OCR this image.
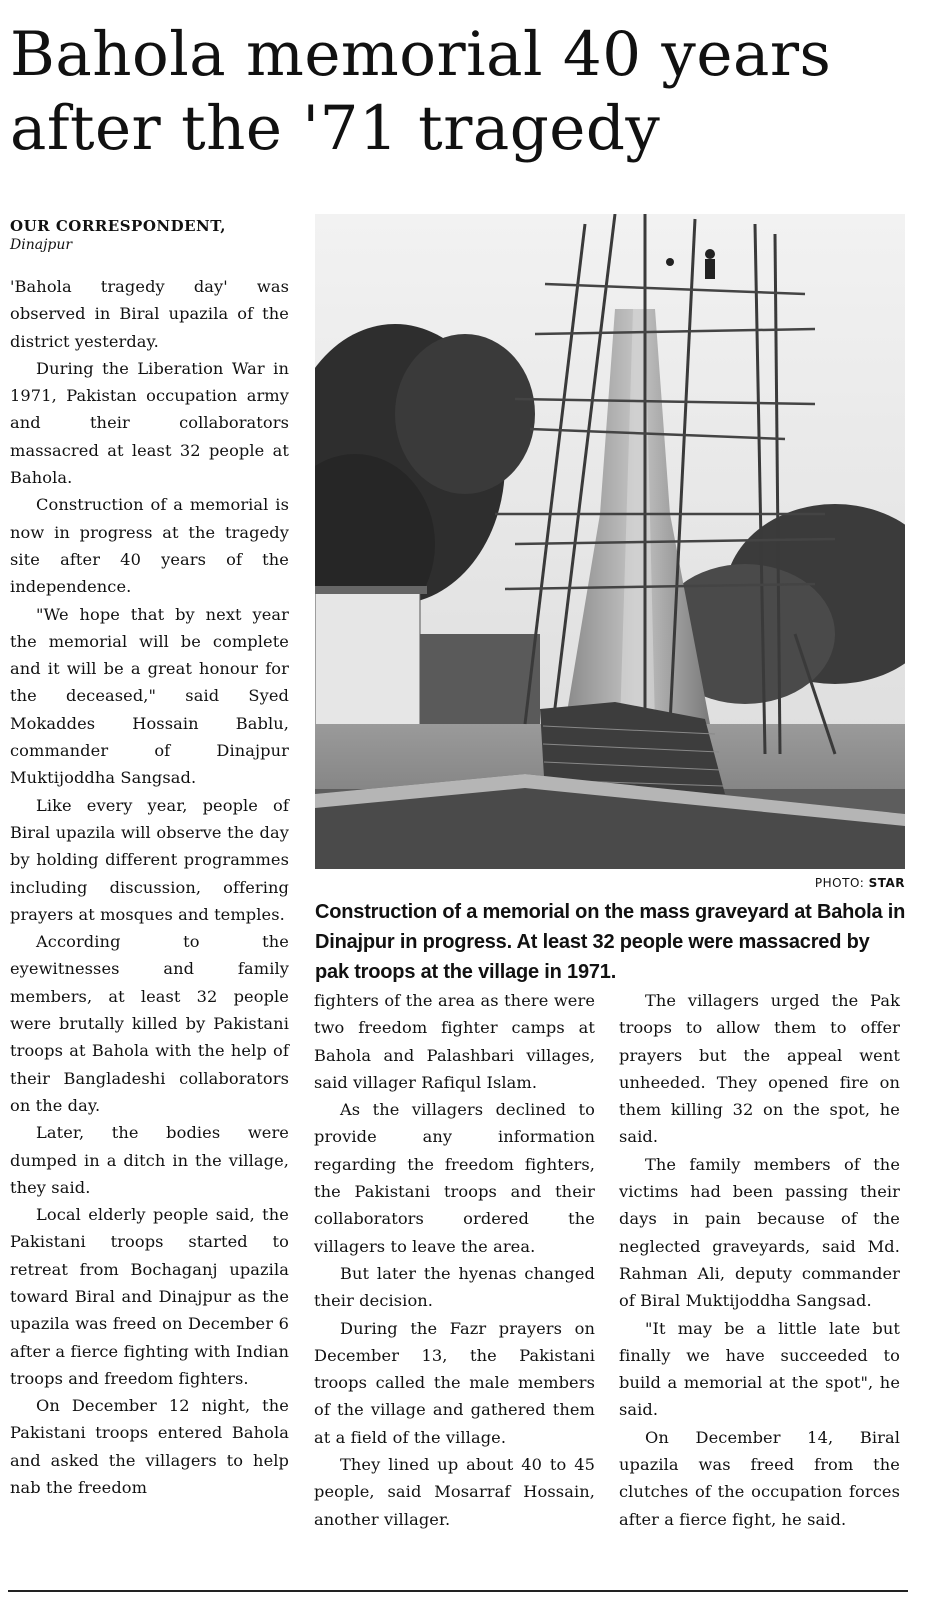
Bahola memorial 40 years
after the '71 tragedy
OUR CORRESPONDENT,
Dinajpur

'Bahola tragedy day' was observed in Biral upazila of the district yesterday.

During the Liberation War in 1971, Pakistan occupation army and their collaborators massacred at least 32 people at Bahola.

Construction of a memorial is now in progress at the tragedy site after 40 years of the independence.

"We hope that by next year the memorial will be complete and it will be a great honour for the deceased," said Syed Mokaddes Hossain Bablu, commander of Dinajpur Muktijoddha Sangsad.

Like every year, people of Biral upazila will observe the day by holding different programmes including discussion, offering prayers at mosques and temples.

According to the eyewitnesses and family members, at least 32 people were brutally killed by Pakistani troops at Bahola with the help of their Bangladeshi collaborators on the day.

Later, the bodies were dumped in a ditch in the village, they said.

Local elderly people said, the Pakistani troops started to retreat from Bochaganj upazila toward Biral and Dinajpur as the upazila was freed on December 6 after a fierce fighting with Indian troops and freedom fighters.

On December 12 night, the Pakistani troops entered Bahola and asked the villagers to help nab the freedom

PHOTO: STAR

Construction of a memorial on the mass graveyard at Bahola in Dinajpur in progress. At least 32 people were massacred by pak troops at the village in 1971.

fighters of the area as there were two freedom fighter camps at Bahola and Palashbari villages, said villager Rafiqul Islam.

As the villagers declined to provide any information regarding the freedom fighters, the Pakistani troops and their collaborators ordered the villagers to leave the area.

But later the hyenas changed their decision.

During the Fazr prayers on December 13, the Pakistani troops called the male members of the village and gathered them at a field of the village.

They lined up about 40 to 45 people, said Mosarraf Hossain, another villager.

The villagers urged the Pak troops to allow them to offer prayers but the appeal went unheeded. They opened fire on them killing 32 on the spot, he said.

The family members of the victims had been passing their days in pain because of the neglected graveyards, said Md. Rahman Ali, deputy commander of Biral Muktijoddha Sangsad.

"It may be a little late but finally we have succeeded to build a memorial at the spot", he said.

On December 14, Biral upazila was freed from the clutches of the occupation forces after a fierce fight, he said.
